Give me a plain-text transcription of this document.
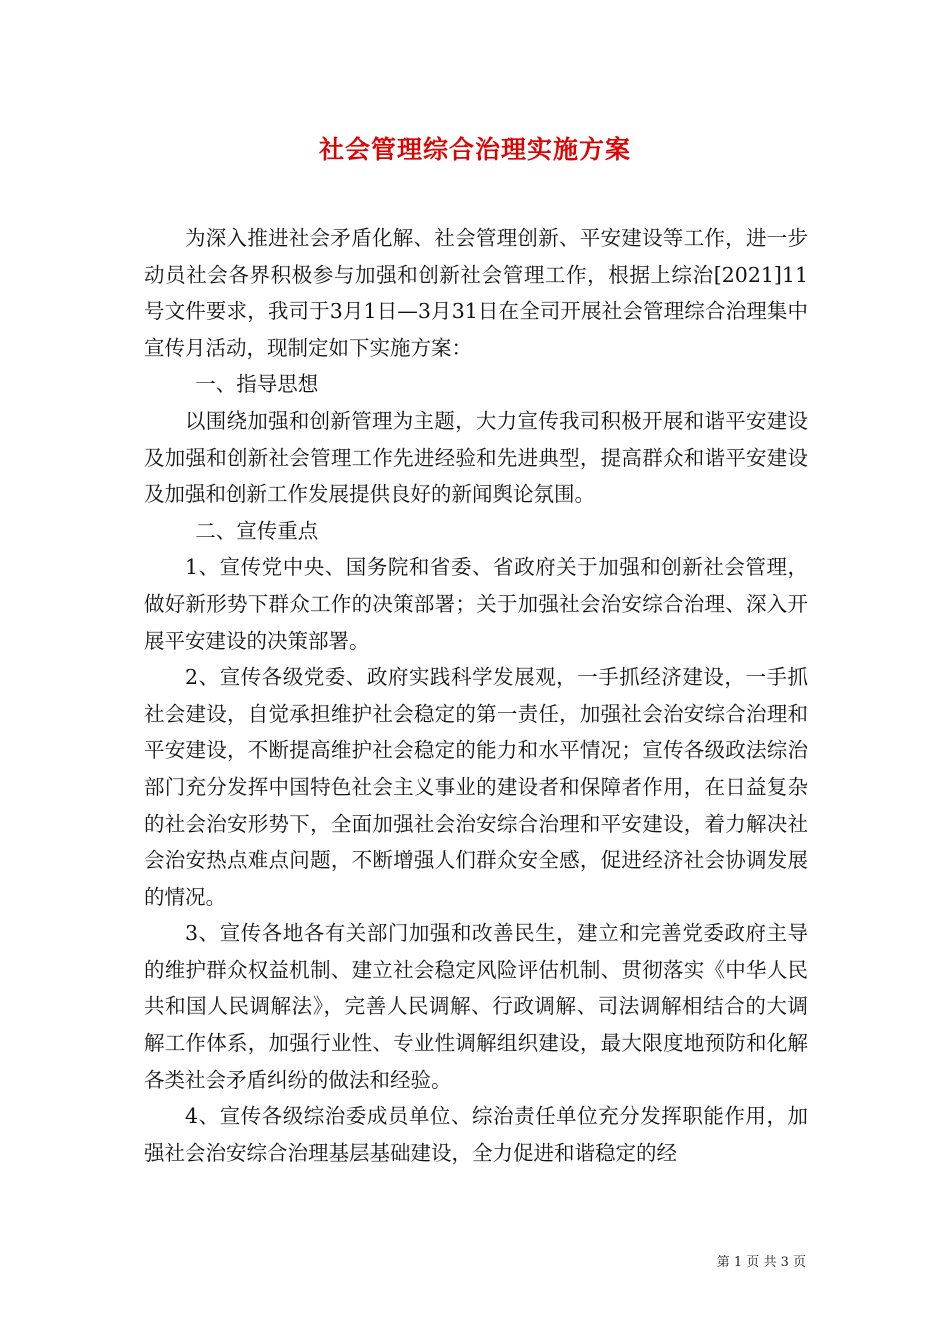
社会管理综合治理实施方案

为深入推进社会矛盾化解、社会管理创新、平安建设等工作，进一步动员社会各界积极参与加强和创新社会管理工作，根据上综治[2021]11号文件要求，我司于3月1日—3月31日在全司开展社会管理综合治理集中宣传月活动，现制定如下实施方案：

一、指导思想

以围绕加强和创新管理为主题，大力宣传我司积极开展和谐平安建设及加强和创新社会管理工作先进经验和先进典型，提高群众和谐平安建设及加强和创新工作发展提供良好的新闻舆论氛围。

二、宣传重点

1、宣传党中央、国务院和省委、省政府关于加强和创新社会管理，做好新形势下群众工作的决策部署；关于加强社会治安综合治理、深入开展平安建设的决策部署。

2、宣传各级党委、政府实践科学发展观，一手抓经济建设，一手抓社会建设，自觉承担维护社会稳定的第一责任，加强社会治安综合治理和平安建设，不断提高维护社会稳定的能力和水平情况；宣传各级政法综治部门充分发挥中国特色社会主义事业的建设者和保障者作用，在日益复杂的社会治安形势下，全面加强社会治安综合治理和平安建设，着力解决社会治安热点难点问题，不断增强人们群众安全感，促进经济社会协调发展的情况。

3、宣传各地各有关部门加强和改善民生，建立和完善党委政府主导的维护群众权益机制、建立社会稳定风险评估机制、贯彻落实《中华人民共和国人民调解法》，完善人民调解、行政调解、司法调解相结合的大调解工作体系，加强行业性、专业性调解组织建设，最大限度地预防和化解各类社会矛盾纠纷的做法和经验。

4、宣传各级综治委成员单位、综治责任单位充分发挥职能作用，加强社会治安综合治理基层基础建设，全力促进和谐稳定的经

第 1 页 共 3 页
